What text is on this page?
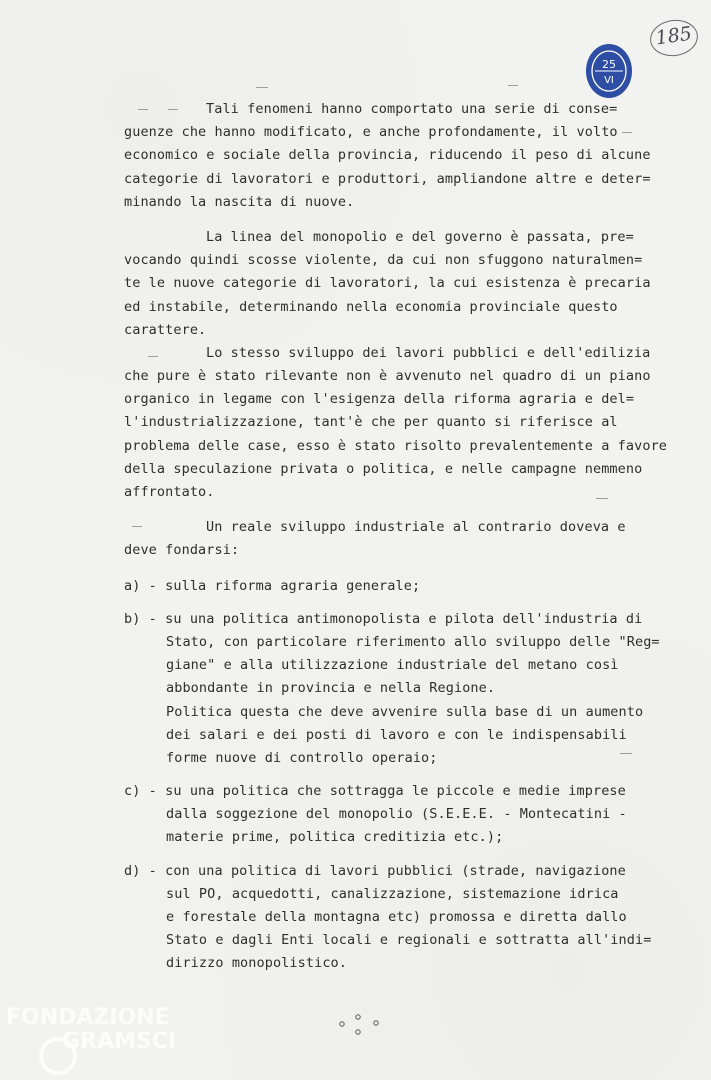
185
25
VI
Tali fenomeni hanno comportato una serie di conse=
guenze che hanno modificato, e anche profondamente, il volto
economico e sociale della provincia, riducendo il peso di alcune
categorie di lavoratori e produttori, ampliandone altre e deter=
minando la nascita di nuove.
La linea del monopolio e del governo è passata, pre=
vocando quindi scosse violente, da cui non sfuggono naturalmen=
te le nuove categorie di lavoratori, la cui esistenza è precaria
ed instabile, determinando nella economia provinciale questo
carattere.
Lo stesso sviluppo dei lavori pubblici e dell'edilizia
che pure è stato rilevante non è avvenuto nel quadro di un piano
organico in legame con l'esigenza della riforma agraria e del=
l'industrializzazione, tant'è che per quanto si riferisce al
problema delle case, esso è stato risolto prevalentemente a favore
della speculazione privata o politica, e nelle campagne nemmeno
affrontato.
Un reale sviluppo industriale al contrario doveva e
deve fondarsi:
a) - sulla riforma agraria generale;
b) - su una politica antimonopolista e pilota dell'industria di
Stato, con particolare riferimento allo sviluppo delle "Reg=
giane" e alla utilizzazione industriale del metano così
abbondante in provincia e nella Regione.
Politica questa che deve avvenire sulla base di un aumento
dei salari e dei posti di lavoro e con le indispensabili
forme nuove di controllo operaio;
c) - su una politica che sottragga le piccole e medie imprese
dalla soggezione del monopolio (S.E.E.E. - Montecatini -
materie prime, politica creditizia etc.);
d) - con una politica di lavori pubblici (strade, navigazione
sul PO, acquedotti, canalizzazione, sistemazione idrica
e forestale della montagna etc) promossa e diretta dallo
Stato e dagli Enti locali e regionali e sottratta all'indi=
dirizzo monopolistico.
FONDAZIONE
GRAMSCI
